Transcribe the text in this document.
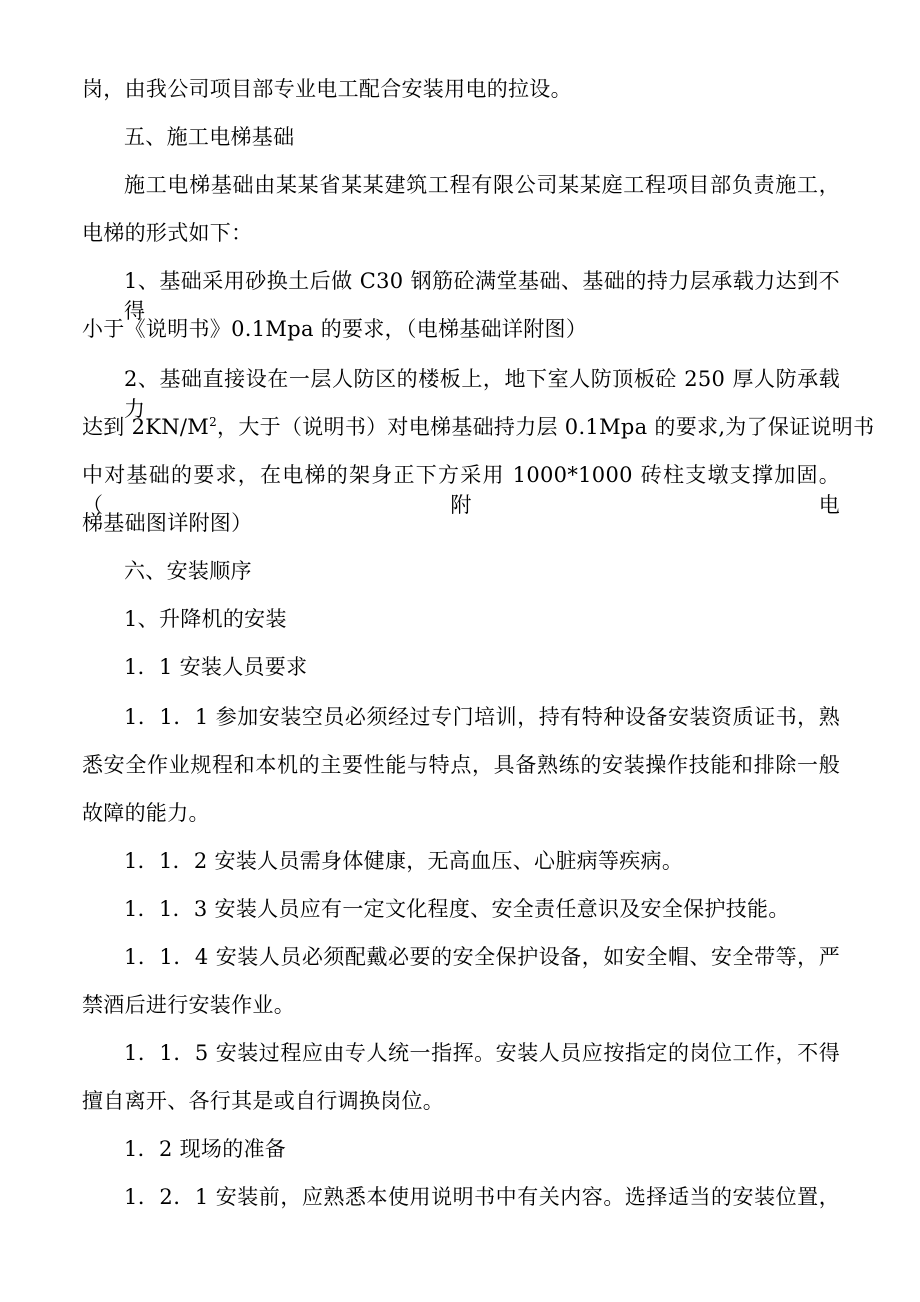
岗，由我公司项目部专业电工配合安装用电的拉设。
五、施工电梯基础
施工电梯基础由某某省某某建筑工程有限公司某某庭工程项目部负责施工，
电梯的形式如下：
1、基础采用砂换土后做 C30 钢筋砼满堂基础、基础的持力层承载力达到不得
小于《说明书》0.1Mpa 的要求，（电梯基础详附图）
2、基础直接设在一层人防区的楼板上，地下室人防顶板砼 250 厚人防承载力
达到 $2KN/M^2$，大于（说明书）对电梯基础持力层 0.1Mpa 的要求,为了保证说明书
中对基础的要求，在电梯的架身正下方采用 1000*1000 砖柱支墩支撑加固。（附电
梯基础图详附图）
六、安装顺序
1、升降机的安装
1．1 安装人员要求
1．1．1 参加安装空员必须经过专门培训，持有特种设备安装资质证书，熟
悉安全作业规程和本机的主要性能与特点，具备熟练的安装操作技能和排除一般
故障的能力。
1．1．2 安装人员需身体健康，无高血压、心脏病等疾病。
1．1．3 安装人员应有一定文化程度、安全责任意识及安全保护技能。
1．1．4 安装人员必须配戴必要的安全保护设备，如安全帽、安全带等，严
禁酒后进行安装作业。
1．1．5 安装过程应由专人统一指挥。安装人员应按指定的岗位工作，不得
擅自离开、各行其是或自行调换岗位。
1．2 现场的准备
1．2．1 安装前，应熟悉本使用说明书中有关内容。选择适当的安装位置，
